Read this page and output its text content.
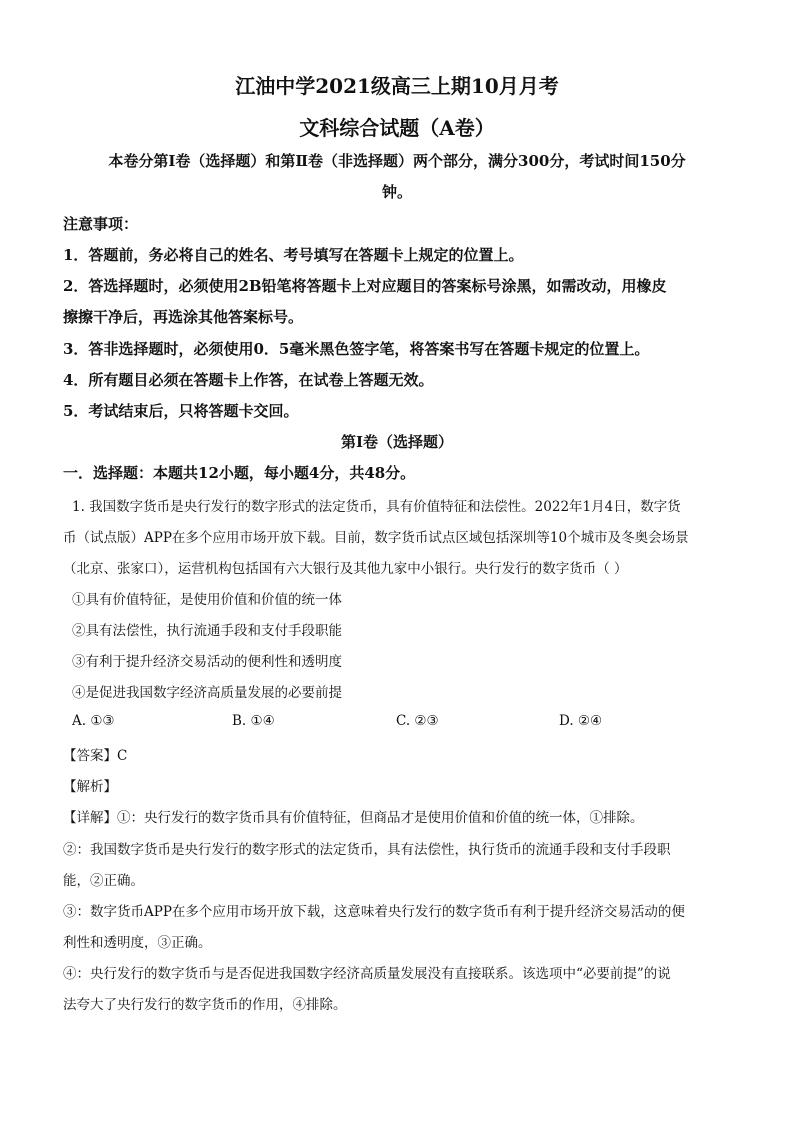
江油中学2021级高三上期10月月考
文科综合试题（A卷）
本卷分第Ⅰ卷（选择题）和第Ⅱ卷（非选择题）两个部分，满分300分，考试时间150分
钟。
注意事项：
1．答题前，务必将自己的姓名、考号填写在答题卡上规定的位置上。
2．答选择题时，必须使用2B铅笔将答题卡上对应题目的答案标号涂黑，如需改动，用橡皮
擦擦干净后，再选涂其他答案标号。
3．答非选择题时，必须使用0．5毫米黑色签字笔，将答案书写在答题卡规定的位置上。
4．所有题目必须在答题卡上作答，在试卷上答题无效。
5．考试结束后，只将答题卡交回。
第Ⅰ卷（选择题）
一．选择题：本题共12小题，每小题4分，共48分。
1. 我国数字货币是央行发行的数字形式的法定货币，具有价值特征和法偿性。2022年1月4日，数字货
币（试点版）APP在多个应用市场开放下载。目前，数字货币试点区域包括深圳等10个城市及冬奥会场景
（北京、张家口），运营机构包括国有六大银行及其他九家中小银行。央行发行的数字货币（ ）
①具有价值特征，是使用价值和价值的统一体
②具有法偿性，执行流通手段和支付手段职能
③有利于提升经济交易活动的便利性和透明度
④是促进我国数字经济高质量发展的必要前提
A. ①③	B. ①④	C. ②③	D. ②④
【答案】C
【解析】
【详解】①：央行发行的数字货币具有价值特征，但商品才是使用价值和价值的统一体，①排除。
②：我国数字货币是央行发行的数字形式的法定货币，具有法偿性，执行货币的流通手段和支付手段职
能，②正确。
③：数字货币APP在多个应用市场开放下载，这意味着央行发行的数字货币有利于提升经济交易活动的便
利性和透明度，③正确。
④：央行发行的数字货币与是否促进我国数字经济高质量发展没有直接联系。该选项中“必要前提”的说
法夸大了央行发行的数字货币的作用，④排除。
